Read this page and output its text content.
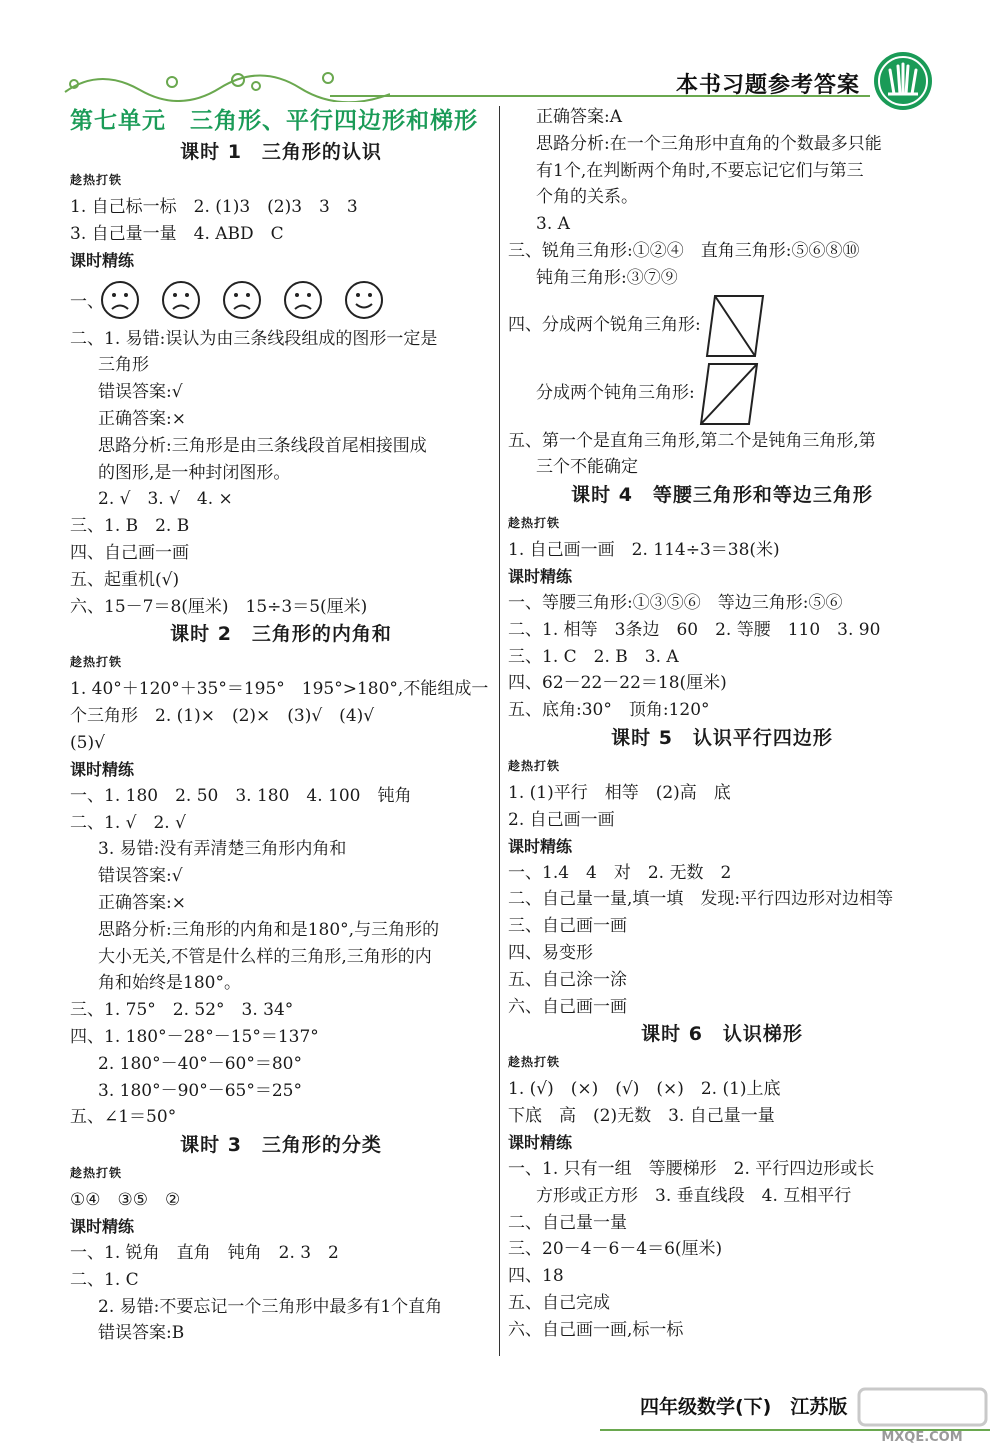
本书习题参考答案
第七单元　三角形、平行四边形和梯形
课时 1　三角形的认识
趁热打铁
1. 自己标一标　2. (1)3　(2)3　3　3
3. 自己量一量　4. ABD　C
课时精练
一、
二、1. 易错:误认为由三条线段组成的图形一定是
三角形
错误答案:√
正确答案:×
思路分析:三角形是由三条线段首尾相接围成
的图形,是一种封闭图形。
2. √　3. √　4. ×
三、1. B　2. B
四、自己画一画
五、起重机(√)
六、15－7＝8(厘米)　15÷3＝5(厘米)
课时 2　三角形的内角和
趁热打铁
1. 40°＋120°＋35°＝195°　195°>180°,不能组成一
个三角形　2. (1)×　(2)×　(3)√　(4)√
(5)√
课时精练
一、1. 180　2. 50　3. 180　4. 100　钝角
二、1. √　2. √
3. 易错:没有弄清楚三角形内角和
错误答案:√
正确答案:×
思路分析:三角形的内角和是180°,与三角形的
大小无关,不管是什么样的三角形,三角形的内
角和始终是180°。
三、1. 75°　2. 52°　3. 34°
四、1. 180°－28°－15°＝137°
2. 180°－40°－60°＝80°
3. 180°－90°－65°＝25°
五、∠1＝50°
课时 3　三角形的分类
趁热打铁
①④　③⑤　②
课时精练
一、1. 锐角　直角　钝角　2. 3　2
二、1. C
2. 易错:不要忘记一个三角形中最多有1个直角
错误答案:B
正确答案:A
思路分析:在一个三角形中直角的个数最多只能
有1个,在判断两个角时,不要忘记它们与第三
个角的关系。
3. A
三、锐角三角形:①②④　直角三角形:⑤⑥⑧⑩
钝角三角形:③⑦⑨
四、分成两个锐角三角形:
分成两个钝角三角形:
五、第一个是直角三角形,第二个是钝角三角形,第
三个不能确定
课时 4　等腰三角形和等边三角形
趁热打铁
1. 自己画一画　2. 114÷3＝38(米)
课时精练
一、等腰三角形:①③⑤⑥　等边三角形:⑤⑥
二、1. 相等　3条边　60　2. 等腰　110　3. 90
三、1. C　2. B　3. A
四、62－22－22＝18(厘米)
五、底角:30°　顶角:120°
课时 5　认识平行四边形
趁热打铁
1. (1)平行　相等　(2)高　底
2. 自己画一画
课时精练
一、1.4　4　对　2. 无数　2
二、自己量一量,填一填　发现:平行四边形对边相等
三、自己画一画
四、易变形
五、自己涂一涂
六、自己画一画
课时 6　认识梯形
趁热打铁
1. (√)　(×)　(√)　(×)　2. (1)上底
下底　高　(2)无数　3. 自己量一量
课时精练
一、1. 只有一组　等腰梯形　2. 平行四边形或长
方形或正方形　3. 垂直线段　4. 互相平行
二、自己量一量
三、20－4－6－4＝6(厘米)
四、18
五、自己完成
六、自己画一画,标一标
四年级数学(下)　江苏版
MXQE.COM
